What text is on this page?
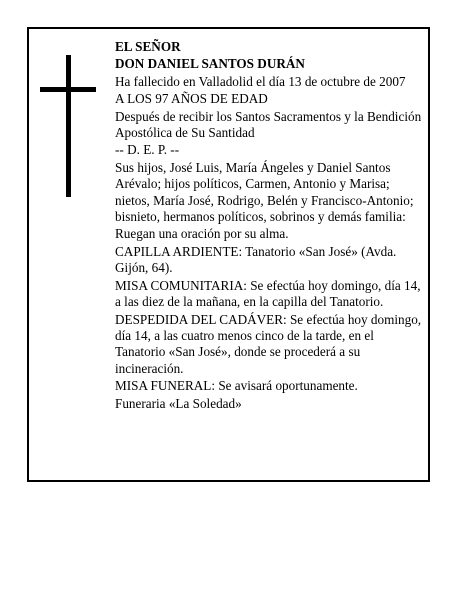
EL SEÑOR

DON DANIEL SANTOS DURÁN

Ha fallecido en Valladolid el día 13 de octubre de 2007

A LOS 97 AÑOS DE EDAD

Después de recibir los Santos Sacramentos y la Bendición Apostólica de Su Santidad

-- D. E. P. --

Sus hijos, José Luis, María Ángeles y Daniel Santos Arévalo; hijos políticos, Carmen, Antonio y Marisa; nietos, María José, Rodrigo, Belén y Francisco-Antonio; bisnieto, hermanos políticos, sobrinos y demás familia:

Ruegan una oración por su alma.

CAPILLA ARDIENTE: Tanatorio «San José» (Avda. Gijón, 64).

MISA COMUNITARIA: Se efectúa hoy domingo, día 14, a las diez de la mañana, en la capilla del Tanatorio.

DESPEDIDA DEL CADÁVER: Se efectúa hoy domingo, día 14, a las cuatro menos cinco de la tarde, en el Tanatorio «San José», donde se procederá a su incineración.

MISA FUNERAL: Se avisará oportunamente.

Funeraria «La Soledad»
